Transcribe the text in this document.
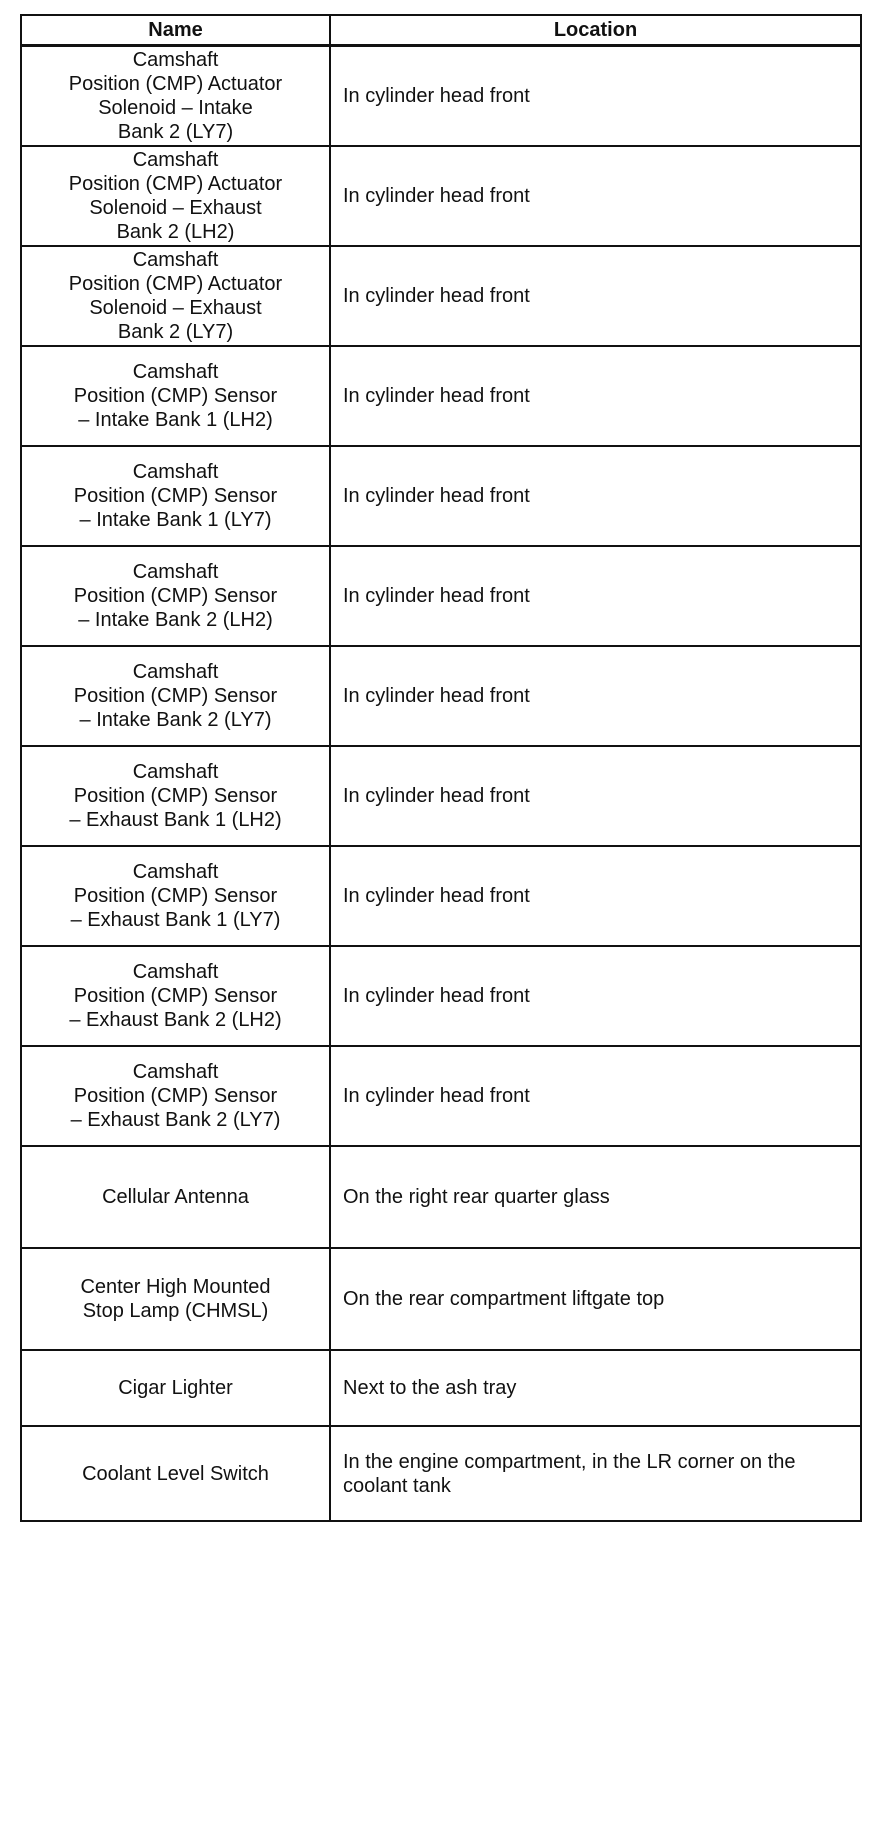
Name	Location
Camshaft
Position (CMP) Actuator
Solenoid – Intake
Bank 2 (LY7)	In cylinder head front
Camshaft
Position (CMP) Actuator
Solenoid – Exhaust
Bank 2 (LH2)	In cylinder head front
Camshaft
Position (CMP) Actuator
Solenoid – Exhaust
Bank 2 (LY7)	In cylinder head front
Camshaft
Position (CMP) Sensor
– Intake Bank 1 (LH2)	In cylinder head front
Camshaft
Position (CMP) Sensor
– Intake Bank 1 (LY7)	In cylinder head front
Camshaft
Position (CMP) Sensor
– Intake Bank 2 (LH2)	In cylinder head front
Camshaft
Position (CMP) Sensor
– Intake Bank 2 (LY7)	In cylinder head front
Camshaft
Position (CMP) Sensor
– Exhaust Bank 1 (LH2)	In cylinder head front
Camshaft
Position (CMP) Sensor
– Exhaust Bank 1 (LY7)	In cylinder head front
Camshaft
Position (CMP) Sensor
– Exhaust Bank 2 (LH2)	In cylinder head front
Camshaft
Position (CMP) Sensor
– Exhaust Bank 2 (LY7)	In cylinder head front
Cellular Antenna	On the right rear quarter glass
Center High Mounted
Stop Lamp (CHMSL)	On the rear compartment liftgate top
Cigar Lighter	Next to the ash tray
Coolant Level Switch	In the engine compartment, in the LR corner on the coolant tank
